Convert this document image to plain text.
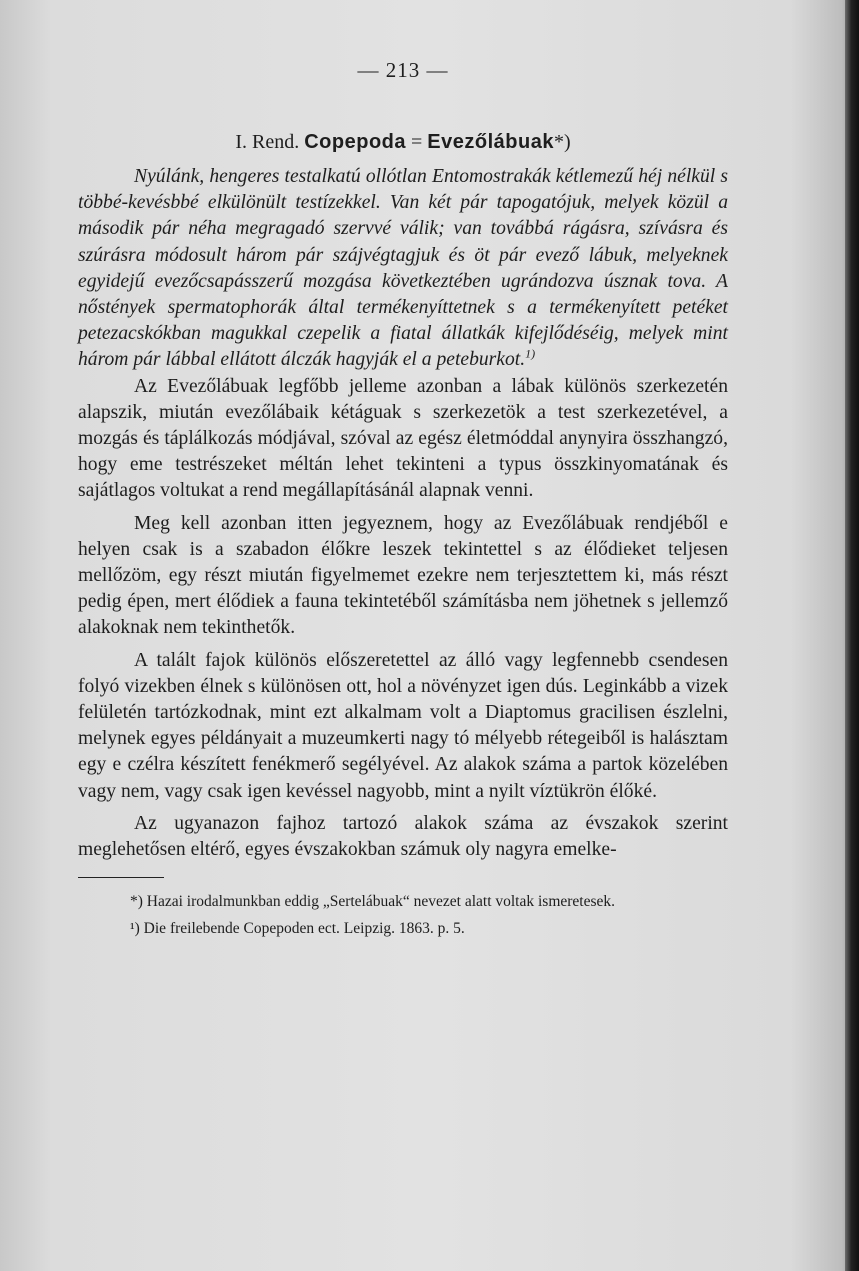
— 213 —
I. Rend. Copepoda = Evezőlábuak*)

Nyúlánk, hengeres testalkatú ollótlan Entomostrakák kétlemezű héj nélkül s többé-kevésbbé elkülönült testízekkel. Van két pár tapogatójuk, melyek közül a második pár néha megragadó szervvé válik; van továbbá rágásra, szívásra és szúrásra módosult három pár szájvégtagjuk és öt pár evező lábuk, melyeknek egyidejű evezőcsapásszerű mozgása következtében ugrándozva úsznak tova. A nőstények spermatophorák által termékenyíttetnek s a termékenyített petéket petezacskókban magukkal czepelik a fiatal állatkák kifejlődéséig, melyek mint három pár lábbal ellátott álczák hagyják el a peteburkot.$^{1)}$

Az Evezőlábuak legfőbb jelleme azonban a lábak különös szerkezetén alapszik, miután evezőlábaik kétáguak s szerkezetök a test szerkezetével, a mozgás és táplálkozás módjával, szóval az egész életmóddal anynyira összhangzó, hogy eme testrészeket méltán lehet tekinteni a typus összkinyomatának és sajátlagos voltukat a rend megállapításánál alapnak venni.

Meg kell azonban itten jegyeznem, hogy az Evezőlábuak rendjéből e helyen csak is a szabadon élőkre leszek tekintettel s az élődieket teljesen mellőzöm, egy részt miután figyelmemet ezekre nem terjesztettem ki, más részt pedig épen, mert élődiek a fauna tekintetéből számításba nem jöhetnek s jellemző alakoknak nem tekinthetők.

A talált fajok különös előszeretettel az álló vagy legfennebb csendesen folyó vizekben élnek s különösen ott, hol a növényzet igen dús. Leginkább a vizek felületén tartózkodnak, mint ezt alkalmam volt a Diaptomus gracilisen észlelni, melynek egyes példányait a muzeumkerti nagy tó mélyebb rétegeiből is halásztam egy e czélra készített fenékmerő segélyével. Az alakok száma a partok közelében vagy nem, vagy csak igen kevéssel nagyobb, mint a nyilt víztükrön élőké.

Az ugyanazon fajhoz tartozó alakok száma az évszakok szerint meglehetősen eltérő, egyes évszakokban számuk oly nagyra emelke-

*) Hazai irodalmunkban eddig „Sertelábuak“ nevezet alatt voltak ismeretesek.

¹) Die freilebende Copepoden ect. Leipzig. 1863. p. 5.
